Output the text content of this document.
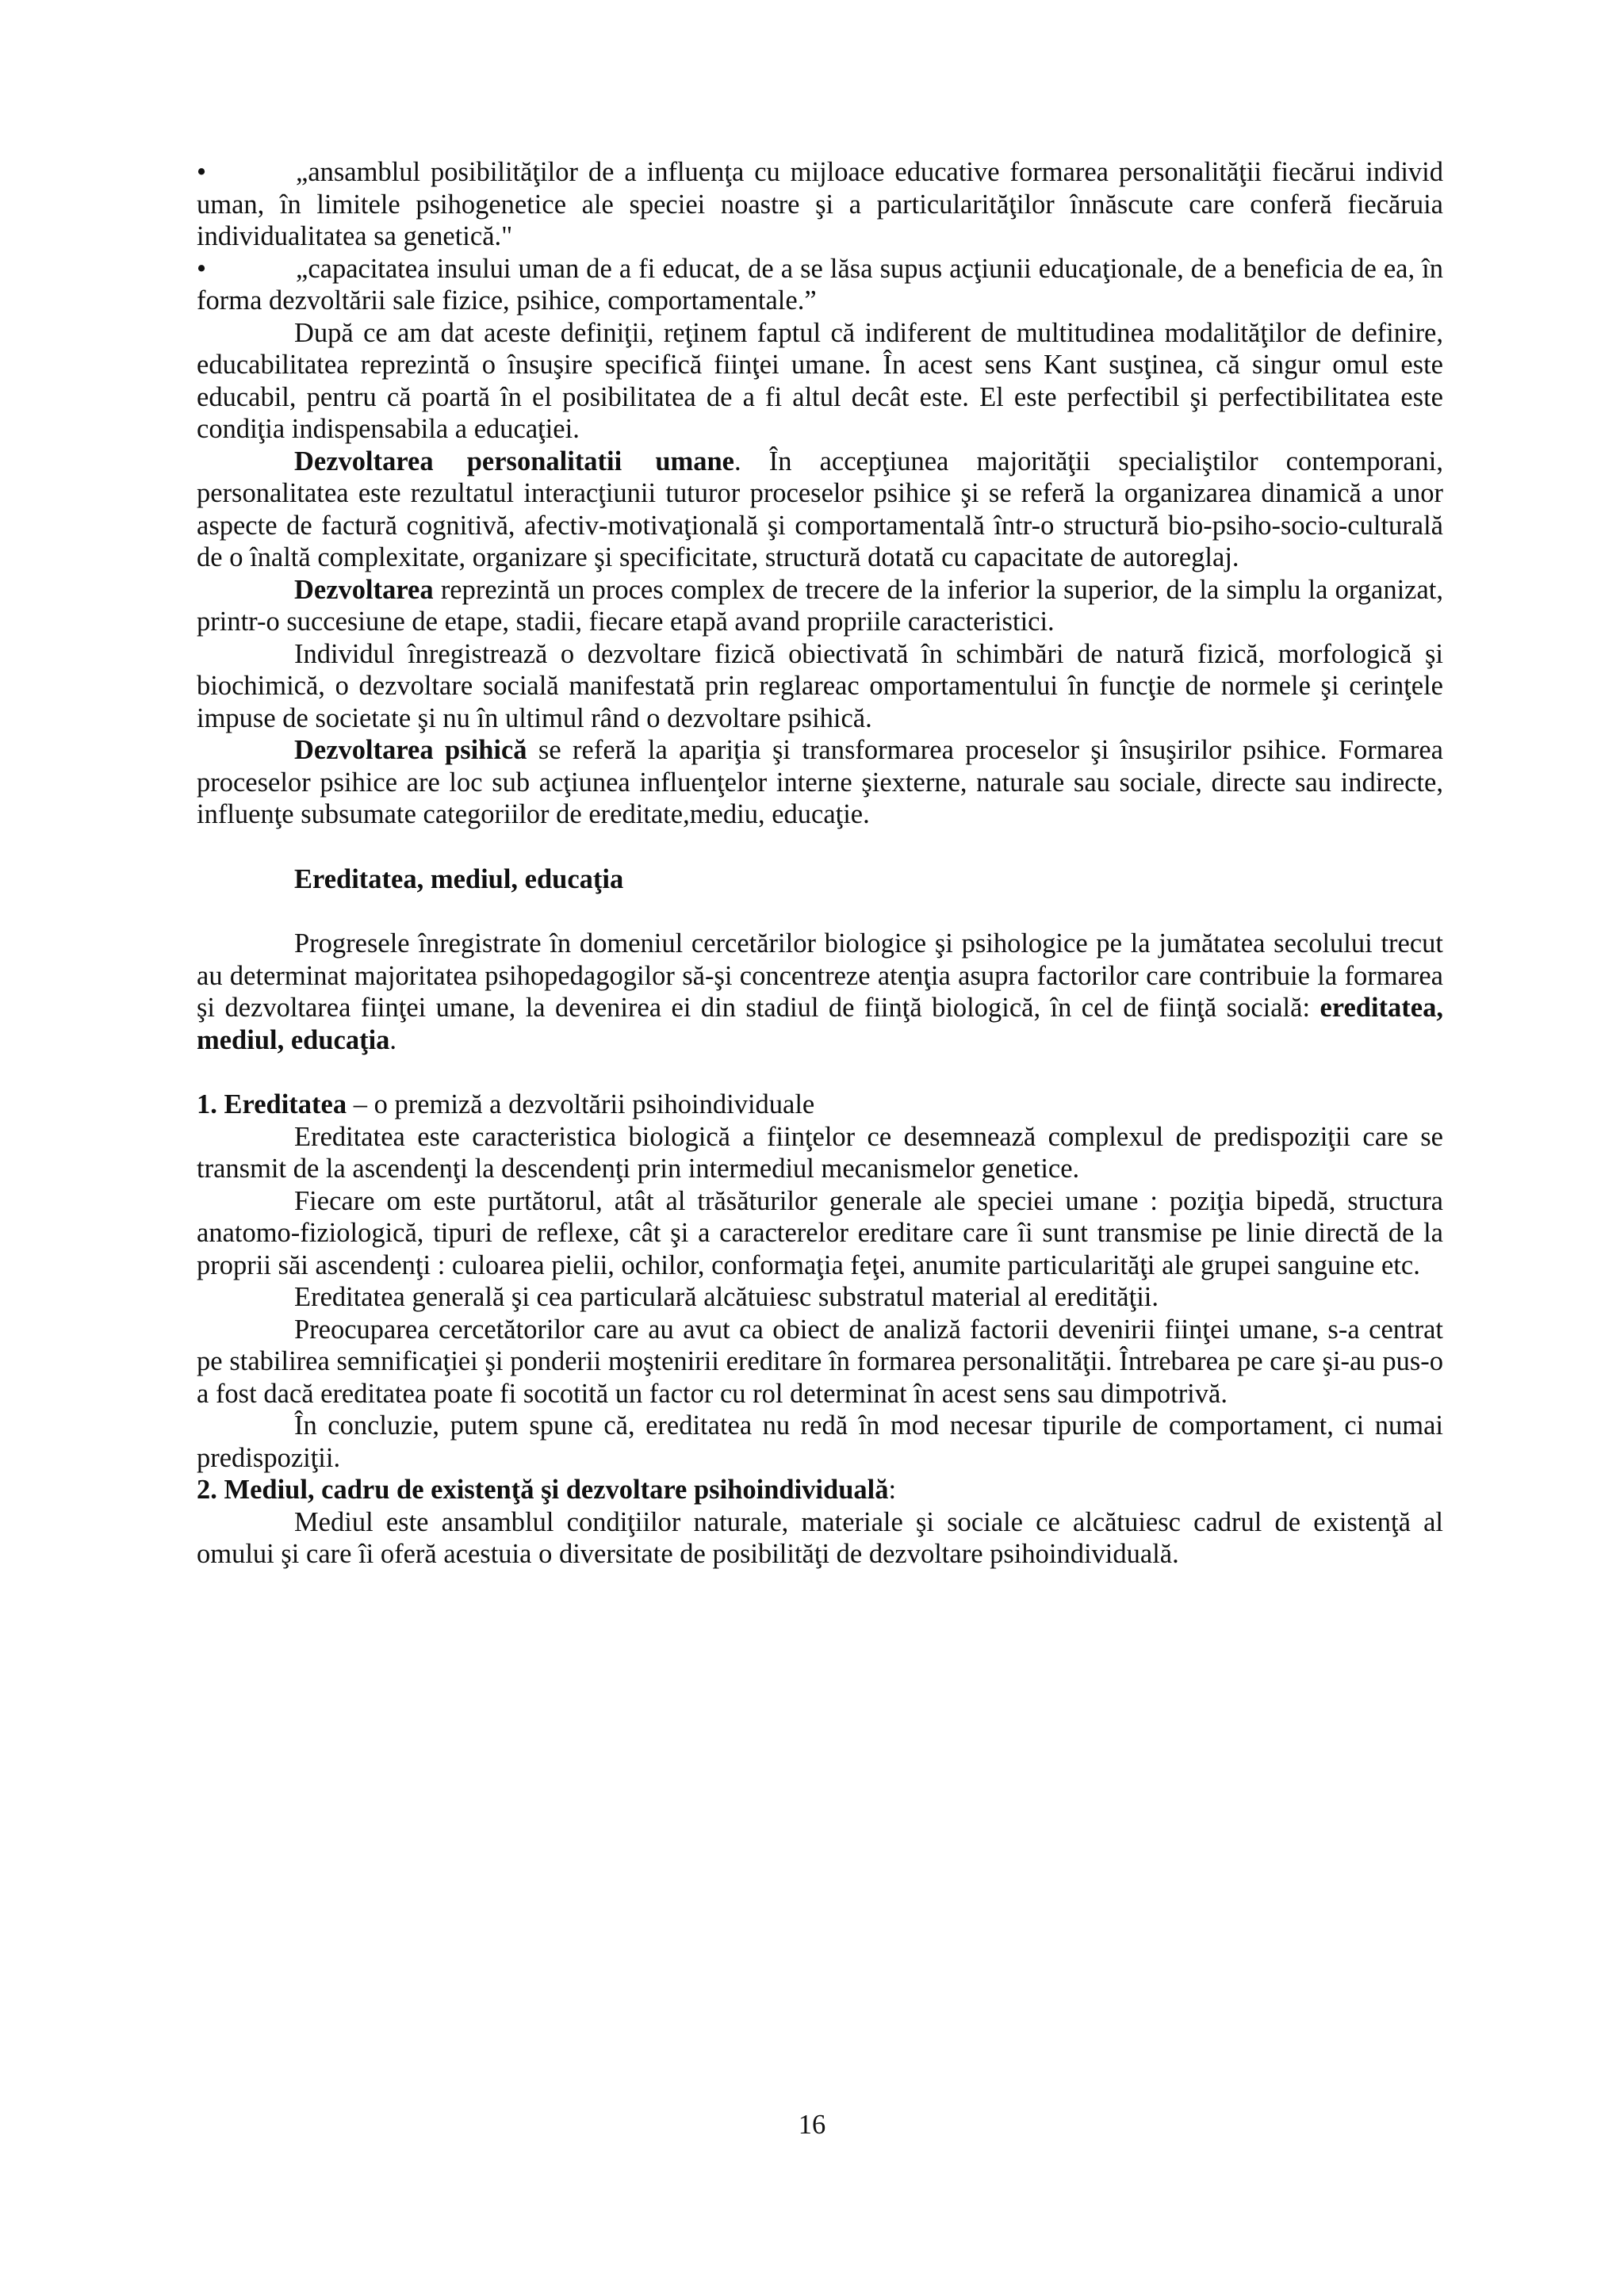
•	„ansamblul posibilităţilor de a influenţa cu mijloace educative formarea personalităţii fiecărui individ uman, în limitele psihogenetice ale speciei noastre şi a particularităţilor înnăscute care conferă fiecăruia individualitatea sa genetică."

•	„capacitatea insului uman de a fi educat, de a se lăsa supus acţiunii educaţionale, de a beneficia de ea, în forma dezvoltării sale fizice, psihice, comportamentale.”

După ce am dat aceste definiţii, reţinem faptul că indiferent de multitudinea modalităţilor de definire, educabilitatea reprezintă o însuşire specifică fiinţei umane. În acest sens Kant susţinea, că singur omul este educabil, pentru că poartă în el posibilitatea de a fi altul decât este. El este perfectibil şi perfectibilitatea este condiţia indispensabila a educaţiei.

Dezvoltarea personalitatii umane. În accepţiunea majorităţii specialiştilor contemporani, personalitatea este rezultatul interacţiunii tuturor proceselor psihice şi se referă la organizarea dinamică a unor aspecte de factură cognitivă, afectiv-motivaţională şi comportamentală într-o structură bio-psiho-socio-culturală de o înaltă complexitate, organizare şi specificitate, structură dotată cu capacitate de autoreglaj.

Dezvoltarea reprezintă un proces complex de trecere de la inferior la superior, de la simplu la organizat, printr-o succesiune de etape, stadii, fiecare etapă avand propriile caracteristici.

Individul înregistrează o dezvoltare fizică obiectivată în schimbări de natură fizică, morfologică şi biochimică, o dezvoltare socială manifestată prin reglareac omportamentului în funcţie de normele şi cerinţele impuse de societate şi nu în ultimul rând o dezvoltare psihică.

Dezvoltarea psihică se referă la apariţia şi transformarea proceselor şi însuşirilor psihice. Formarea proceselor psihice are loc sub acţiunea influenţelor interne şiexterne, naturale sau sociale, directe sau indirecte, influenţe subsumate categoriilor de ereditate,mediu, educaţie.

Ereditatea, mediul, educaţia

Progresele înregistrate în domeniul cercetărilor biologice şi psihologice pe la jumătatea secolului trecut au determinat majoritatea psihopedagogilor să-şi concentreze atenţia asupra factorilor care contribuie la formarea şi dezvoltarea fiinţei umane, la devenirea ei din stadiul de fiinţă biologică, în cel de fiinţă socială: ereditatea, mediul, educaţia.

1. Ereditatea – o premiză a dezvoltării psihoindividuale

Ereditatea este caracteristica biologică a fiinţelor ce desemnează complexul de predispoziţii care se transmit de la ascendenţi la descendenţi prin intermediul mecanismelor genetice.

Fiecare om este purtătorul, atât al trăsăturilor generale ale speciei umane : poziţia bipedă, structura anatomo-fiziologică, tipuri de reflexe, cât şi a caracterelor ereditare care îi sunt transmise pe linie directă de la proprii săi ascendenţi : culoarea pielii, ochilor, conformaţia feţei, anumite particularităţi ale grupei sanguine etc.

Ereditatea generală şi cea particulară alcătuiesc substratul material al eredităţii.

Preocuparea cercetătorilor care au avut ca obiect de analiză factorii devenirii fiinţei umane, s-a centrat pe stabilirea semnificaţiei şi ponderii moştenirii ereditare în formarea personalităţii. Întrebarea pe care şi-au pus-o a fost dacă ereditatea poate fi socotită un factor cu rol determinat în acest sens sau dimpotrivă.

În concluzie, putem spune că, ereditatea nu redă în mod necesar tipurile de comportament, ci numai predispoziţii.

2. Mediul, cadru de existenţă şi dezvoltare psihoindividuală:

Mediul este ansamblul condiţiilor naturale, materiale şi sociale ce alcătuiesc cadrul de existenţă al omului şi care îi oferă acestuia o diversitate de posibilităţi de dezvoltare psihoindividuală.

16
